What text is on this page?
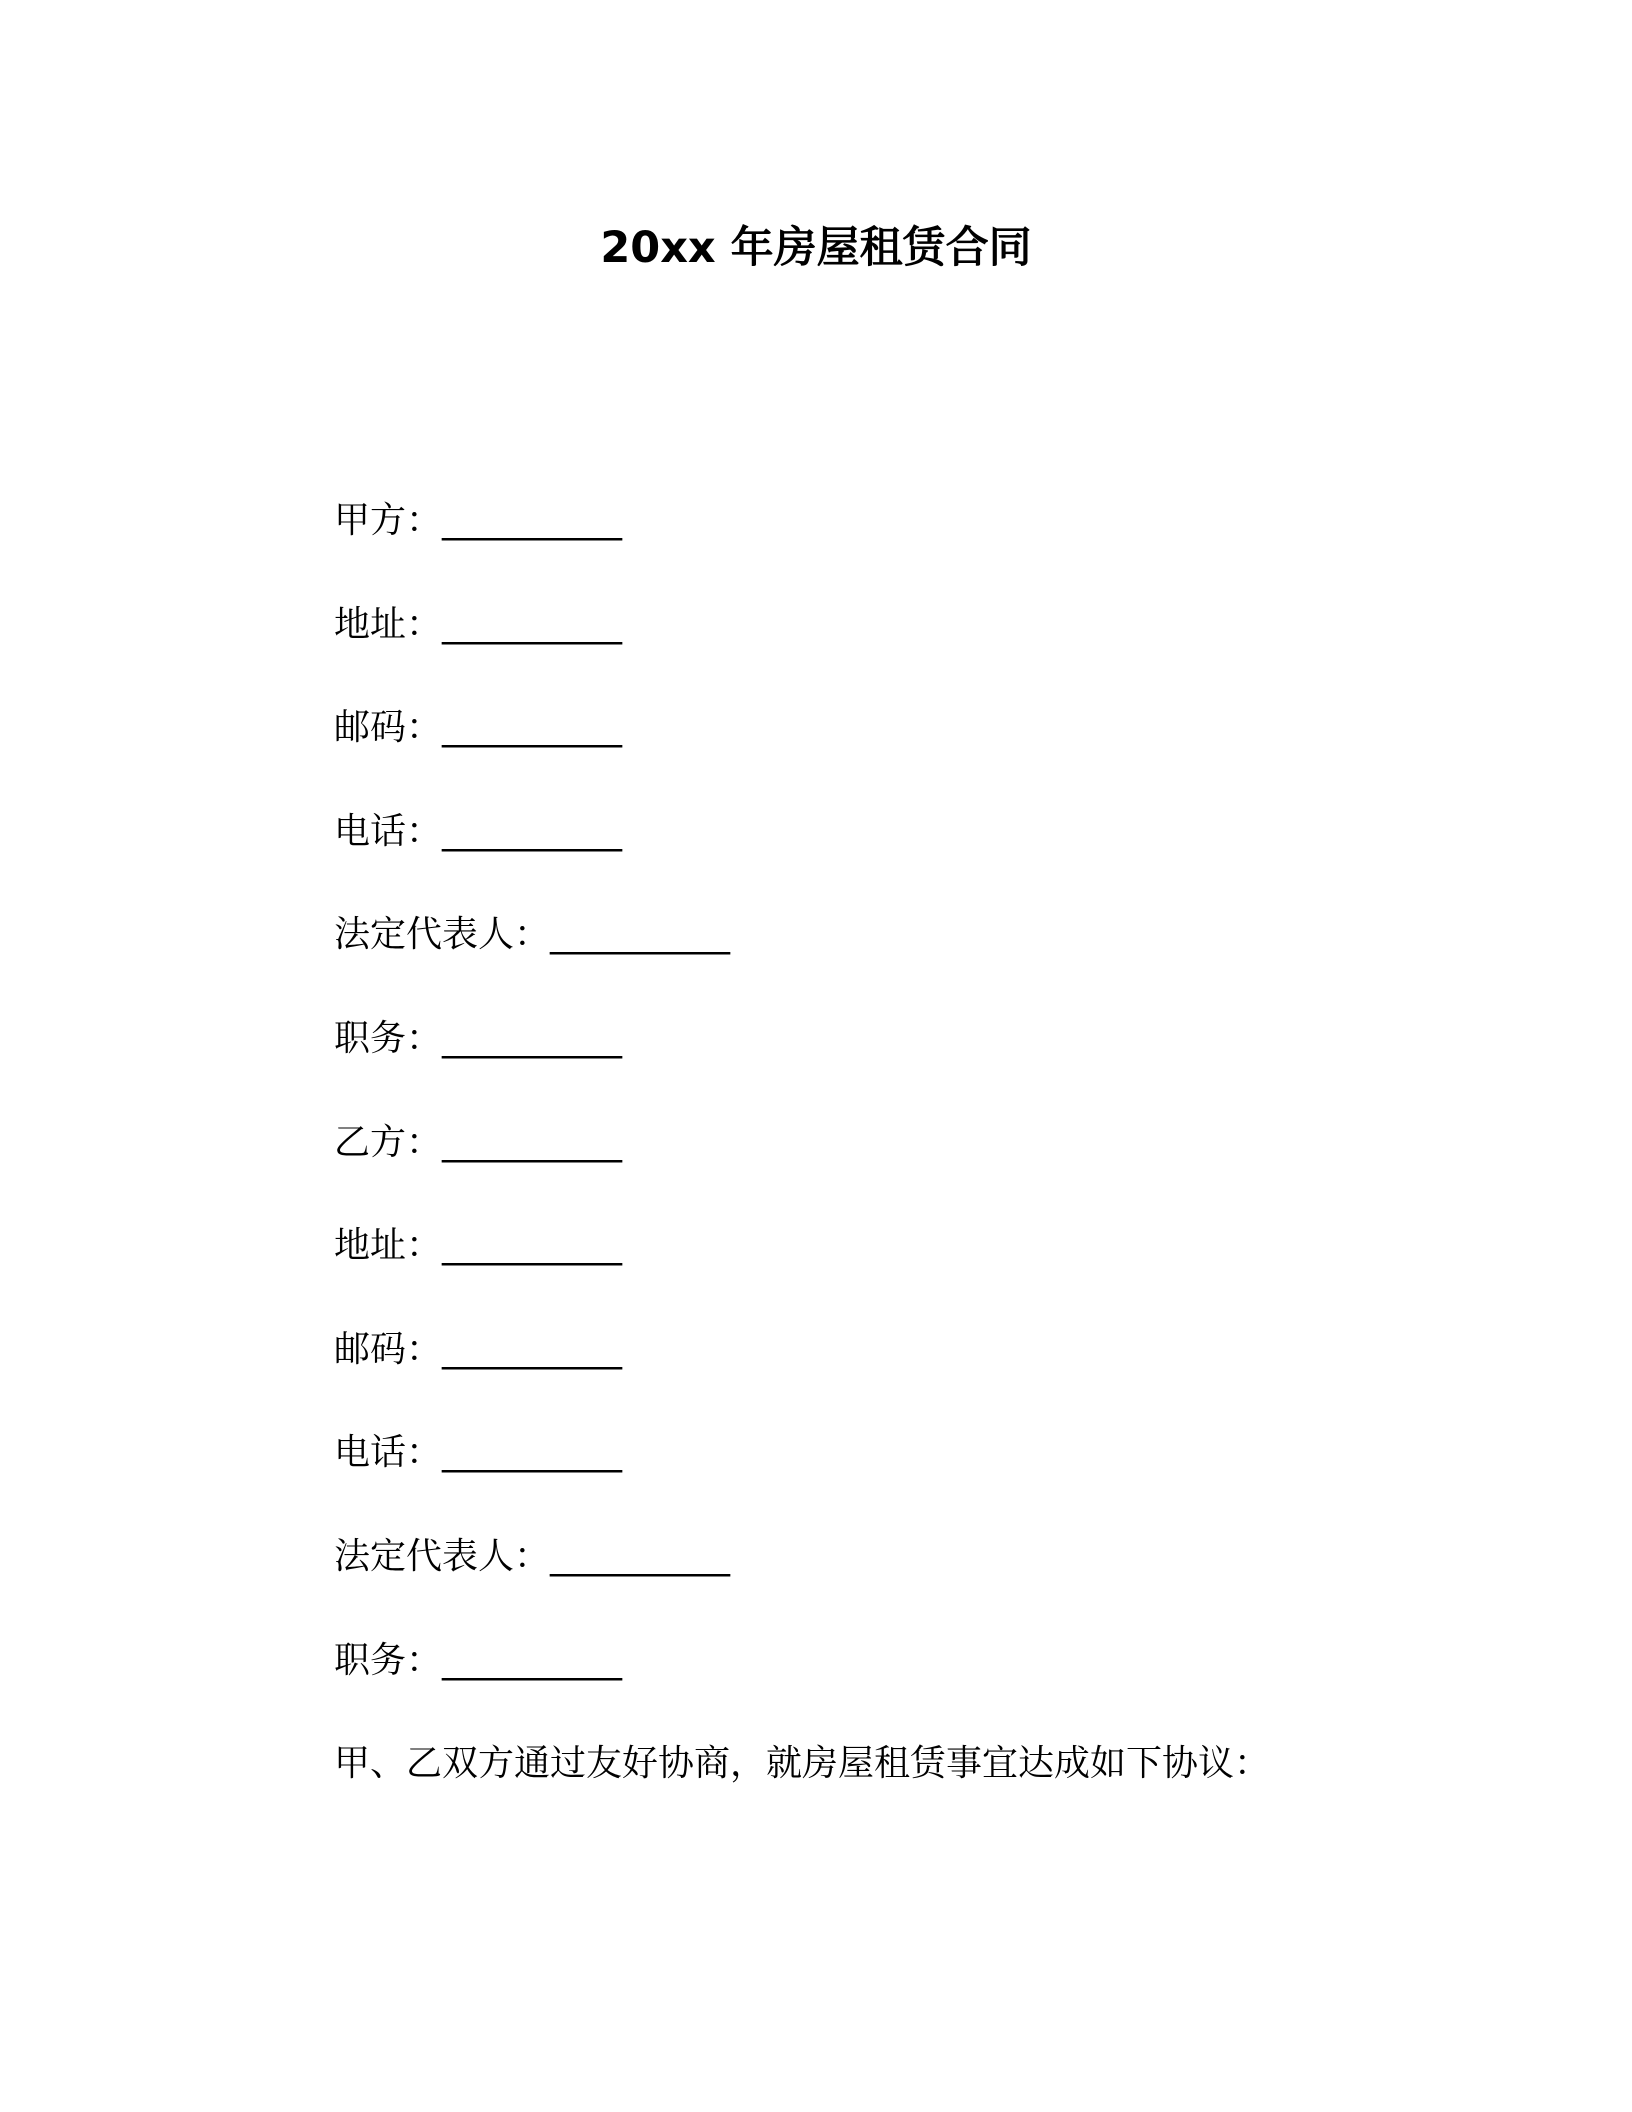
20xx 年房屋租赁合同
甲方：__________
地址：__________
邮码：__________
电话：__________
法定代表人：__________
职务：__________
乙方：__________
地址：__________
邮码：__________
电话：__________
法定代表人：__________
职务：__________
甲、乙双方通过友好协商，就房屋租赁事宜达成如下协议：
